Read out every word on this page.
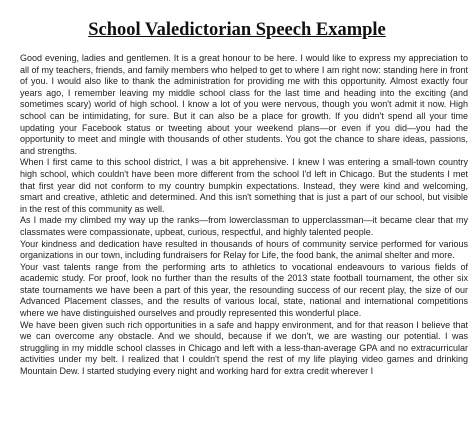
School Valedictorian Speech Example

Good evening, ladies and gentlemen. It is a great honour to be here. I would like to express my appreciation to all of my teachers, friends, and family members who helped to get to where I am right now: standing here in front of you. I would also like to thank the administration for providing me with this opportunity. Almost exactly four years ago, I remember leaving my middle school class for the last time and heading into the exciting (and sometimes scary) world of high school. I know a lot of you were nervous, though you won't admit it now. High school can be intimidating, for sure. But it can also be a place for growth. If you didn't spend all your time updating your Facebook status or tweeting about your weekend plans—or even if you did—you had the opportunity to meet and mingle with thousands of other students. You got the chance to share ideas, passions, and strengths.

When I first came to this school district, I was a bit apprehensive. I knew I was entering a small-town country high school, which couldn't have been more different from the school I'd left in Chicago. But the students I met that first year did not conform to my country bumpkin expectations. Instead, they were kind and welcoming, smart and creative, athletic and determined. And this isn't something that is just a part of our school, but visible in the rest of this community as well.

As I made my climbed my way up the ranks—from lowerclassman to upperclassman—it became clear that my classmates were compassionate, upbeat, curious, respectful, and highly talented people.

Your kindness and dedication have resulted in thousands of hours of community service performed for various organizations in our town, including fundraisers for Relay for Life, the food bank, the animal shelter and more.

Your vast talents range from the performing arts to athletics to vocational endeavours to various fields of academic study. For proof, look no further than the results of the 2013 state football tournament, the other six state tournaments we have been a part of this year, the resounding success of our recent play, the size of our Advanced Placement classes, and the results of various local, state, national and international competitions where we have distinguished ourselves and proudly represented this wonderful place.

We have been given such rich opportunities in a safe and happy environment, and for that reason I believe that we can overcome any obstacle. And we should, because if we don't, we are wasting our potential. I was struggling in my middle school classes in Chicago and left with a less-than-average GPA and no extracurricular activities under my belt. I realized that I couldn't spend the rest of my life playing video games and drinking Mountain Dew. I started studying every night and working hard for extra credit wherever I
